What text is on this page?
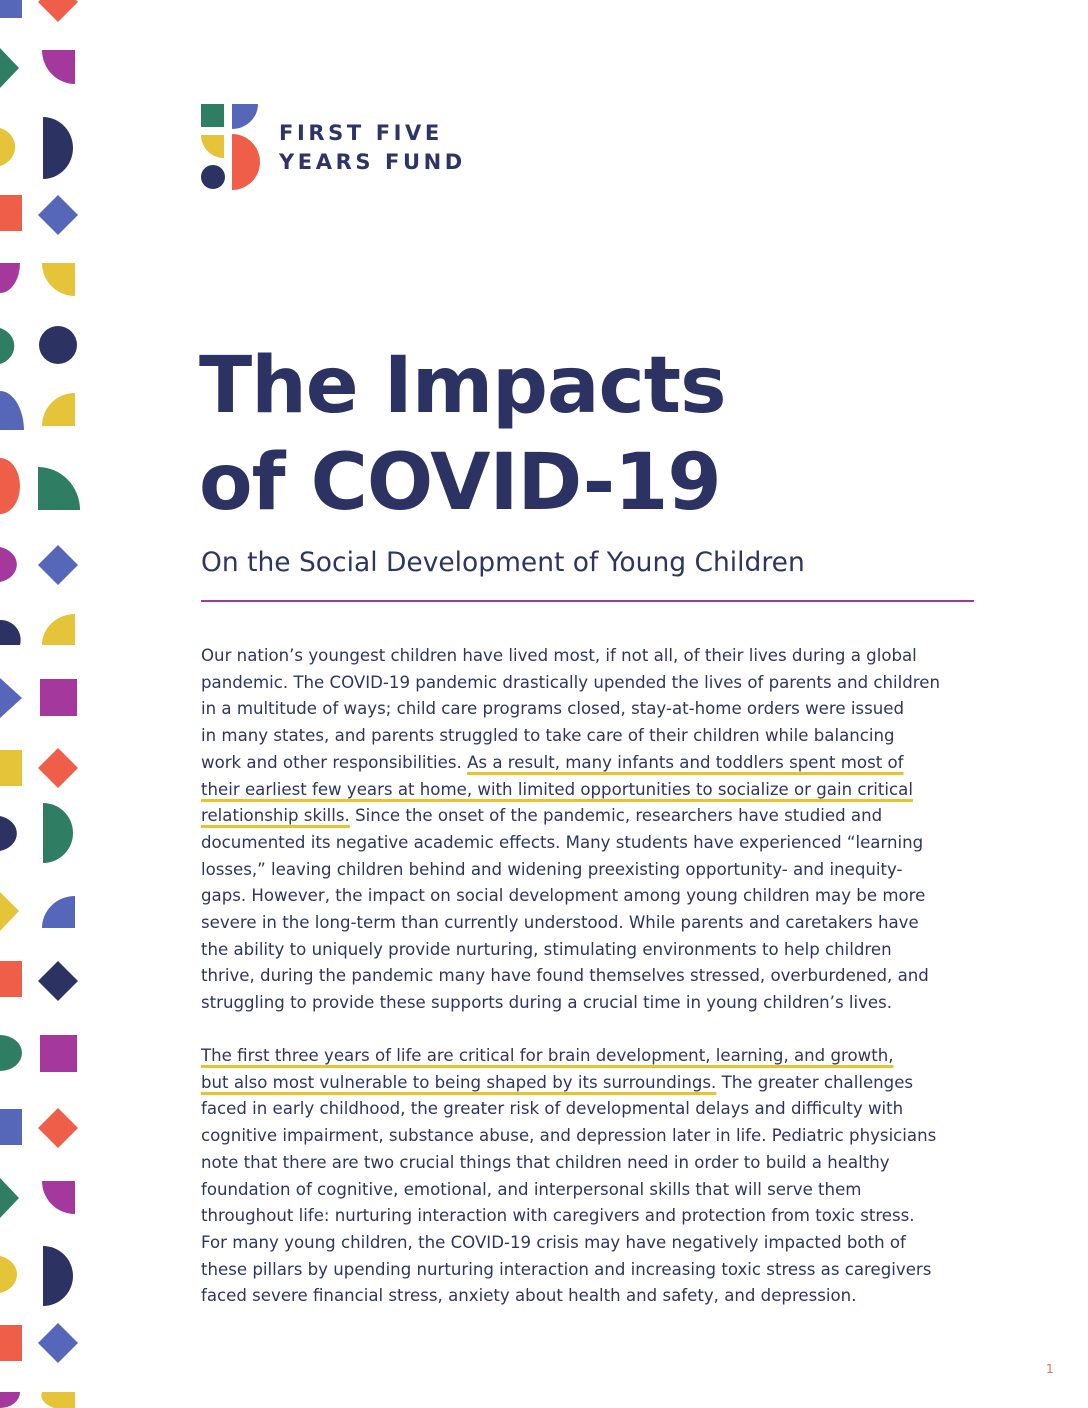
FIRST FIVE
YEARS FUND
The Impacts
of COVID-19
On the Social Development of Young Children
Our nation’s youngest children have lived most, if not all, of their lives during a global
pandemic. The COVID-19 pandemic drastically upended the lives of parents and children
in a multitude of ways; child care programs closed, stay-at-home orders were issued
in many states, and parents struggled to take care of their children while balancing
work and other responsibilities. As a result, many infants and toddlers spent most of
their earliest few years at home, with limited opportunities to socialize or gain critical
relationship skills. Since the onset of the pandemic, researchers have studied and
documented its negative academic effects. Many students have experienced “learning
losses,” leaving children behind and widening preexisting opportunity- and inequity-
gaps. However, the impact on social development among young children may be more
severe in the long-term than currently understood. While parents and caretakers have
the ability to uniquely provide nurturing, stimulating environments to help children
thrive, during the pandemic many have found themselves stressed, overburdened, and
struggling to provide these supports during a crucial time in young children’s lives.
The first three years of life are critical for brain development, learning, and growth,
but also most vulnerable to being shaped by its surroundings. The greater challenges
faced in early childhood, the greater risk of developmental delays and difficulty with
cognitive impairment, substance abuse, and depression later in life. Pediatric physicians
note that there are two crucial things that children need in order to build a healthy
foundation of cognitive, emotional, and interpersonal skills that will serve them
throughout life: nurturing interaction with caregivers and protection from toxic stress.
For many young children, the COVID-19 crisis may have negatively impacted both of
these pillars by upending nurturing interaction and increasing toxic stress as caregivers
faced severe financial stress, anxiety about health and safety, and depression.
1
